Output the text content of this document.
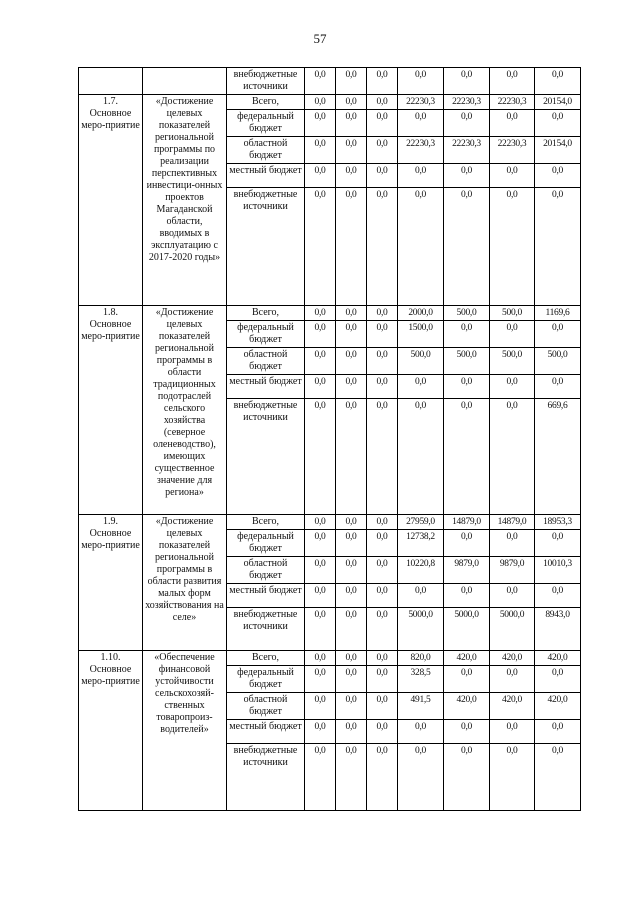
57
		внебюджетные источники	0,0	0,0	0,0	0,0	0,0	0,0	0,0
1.7. Основное меро-приятие	«Достижение целевых показателей региональной программы по реализации перспективных инвестици-онных проектов Магаданской области, вводимых в эксплуатацию с 2017-2020 годы»	Всего,	0,0	0,0	0,0	22230,3	22230,3	22230,3	20154,0
		федеральный бюджет	0,0	0,0	0,0	0,0	0,0	0,0	0,0
		областной бюджет	0,0	0,0	0,0	22230,3	22230,3	22230,3	20154,0
		местный бюджет	0,0	0,0	0,0	0,0	0,0	0,0	0,0
		внебюджетные источники	0,0	0,0	0,0	0,0	0,0	0,0	0,0
1.8. Основное меро-приятие	«Достижение целевых показателей региональной программы в области традиционных подотраслей сельского хозяйства (северное оленеводство), имеющих существенное значение для региона»	Всего,	0,0	0,0	0,0	2000,0	500,0	500,0	1169,6
		федеральный бюджет	0,0	0,0	0,0	1500,0	0,0	0,0	0,0
		областной бюджет	0,0	0,0	0,0	500,0	500,0	500,0	500,0
		местный бюджет	0,0	0,0	0,0	0,0	0,0	0,0	0,0
		внебюджетные источники	0,0	0,0	0,0	0,0	0,0	0,0	669,6
1.9. Основное меро-приятие	«Достижение целевых показателей региональной программы в области развития малых форм хозяйствования на селе»	Всего,	0,0	0,0	0,0	27959,0	14879,0	14879,0	18953,3
		федеральный бюджет	0,0	0,0	0,0	12738,2	0,0	0,0	0,0
		областной бюджет	0,0	0,0	0,0	10220,8	9879,0	9879,0	10010,3
		местный бюджет	0,0	0,0	0,0	0,0	0,0	0,0	0,0
		внебюджетные источники	0,0	0,0	0,0	5000,0	5000,0	5000,0	8943,0
1.10. Основное меро-приятие	«Обеспечение финансовой устойчивости сельскохозяй-ственных товаропроиз-водителей»	Всего,	0,0	0,0	0,0	820,0	420,0	420,0	420,0
		федеральный бюджет	0,0	0,0	0,0	328,5	0,0	0,0	0,0
		областной бюджет	0,0	0,0	0,0	491,5	420,0	420,0	420,0
		местный бюджет	0,0	0,0	0,0	0,0	0,0	0,0	0,0
		внебюджетные источники	0,0	0,0	0,0	0,0	0,0	0,0	0,0
